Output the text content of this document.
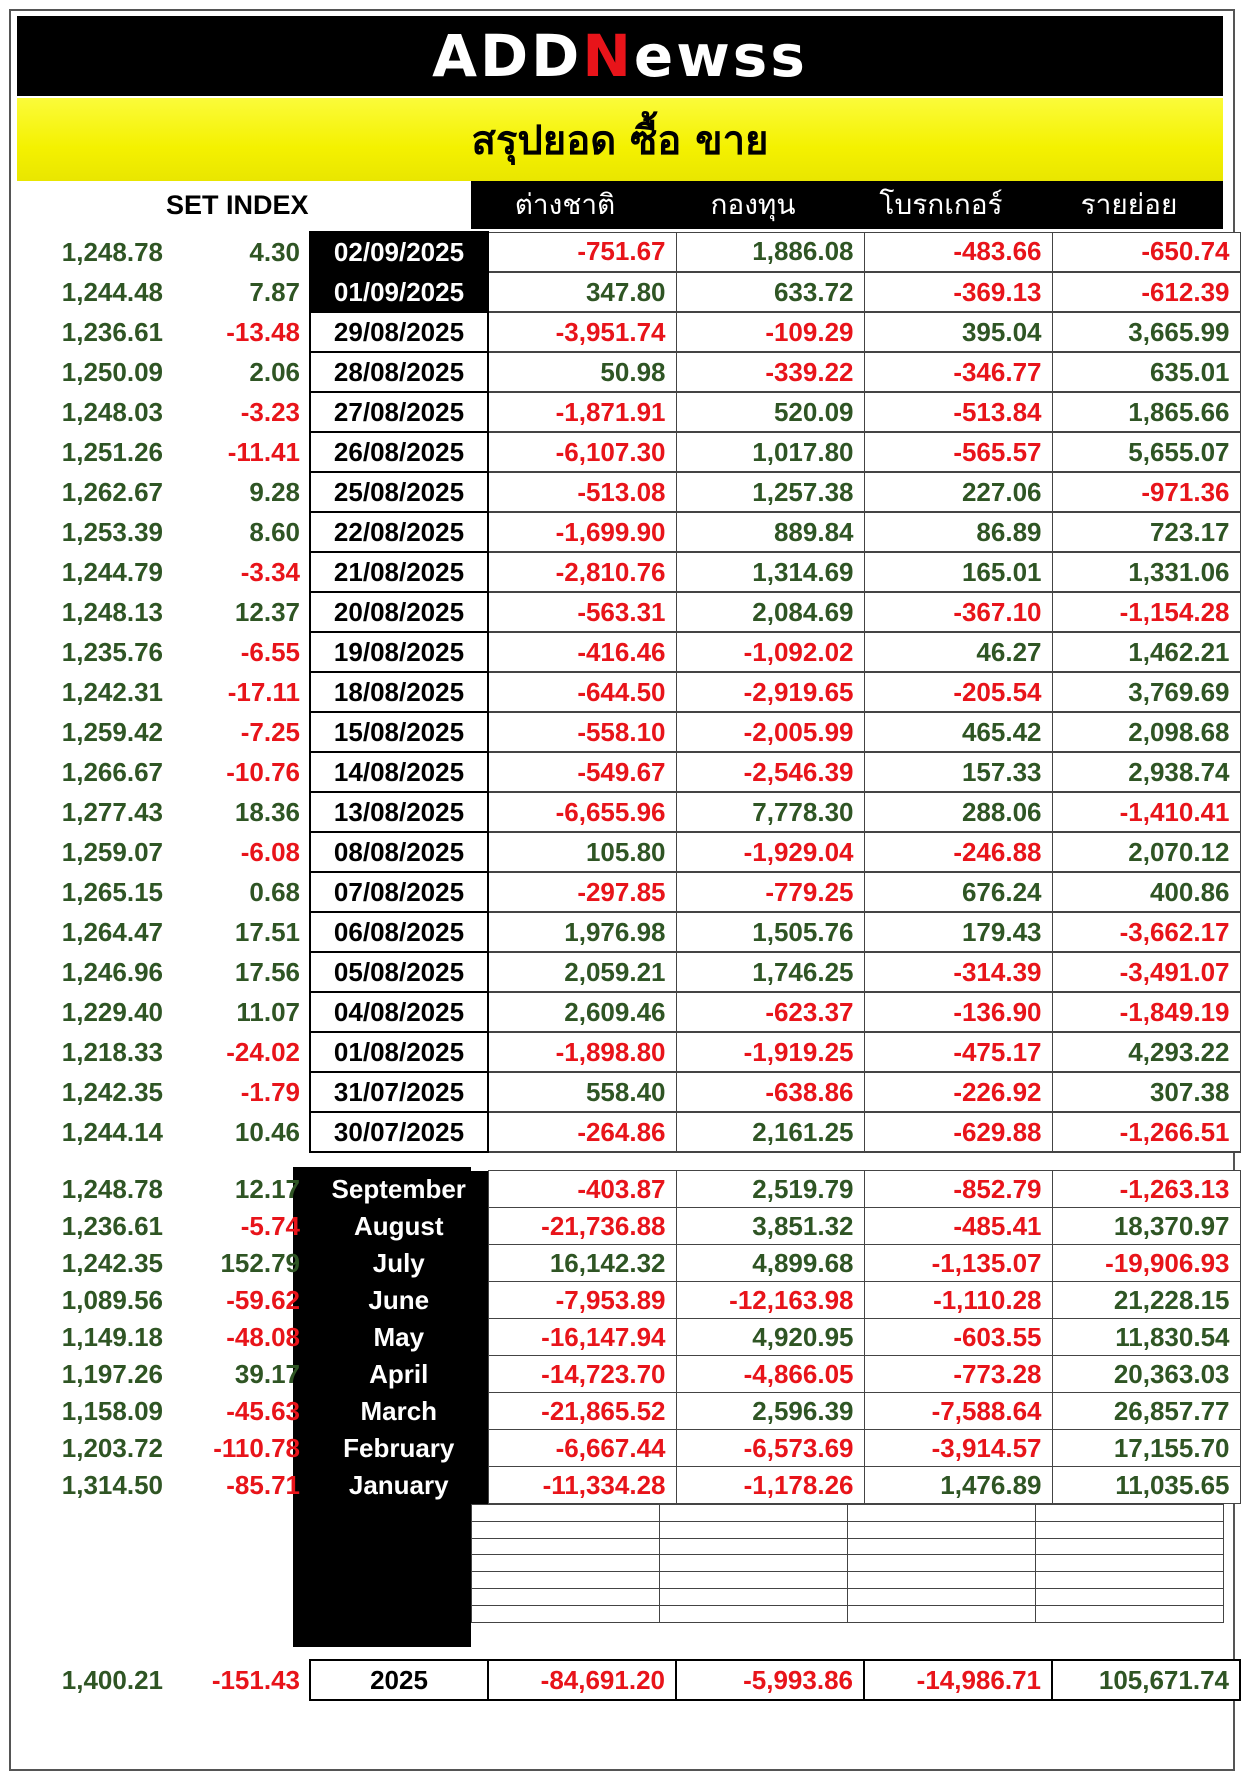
ADDNewss
สรุปยอด ซื้อ ขาย
SET INDEX	ต่างชาติ	กองทุน	โบรกเกอร์	รายย่อย
1,248.78	4.30		02/09/2025	-751.67	1,886.08	-483.66	-650.74
1,244.48	7.87		01/09/2025	347.80	633.72	-369.13	-612.39
1,236.61	-13.48		29/08/2025	-3,951.74	-109.29	395.04	3,665.99
1,250.09	2.06		28/08/2025	50.98	-339.22	-346.77	635.01
1,248.03	-3.23		27/08/2025	-1,871.91	520.09	-513.84	1,865.66
1,251.26	-11.41		26/08/2025	-6,107.30	1,017.80	-565.57	5,655.07
1,262.67	9.28		25/08/2025	-513.08	1,257.38	227.06	-971.36
1,253.39	8.60		22/08/2025	-1,699.90	889.84	86.89	723.17
1,244.79	-3.34		21/08/2025	-2,810.76	1,314.69	165.01	1,331.06
1,248.13	12.37		20/08/2025	-563.31	2,084.69	-367.10	-1,154.28
1,235.76	-6.55		19/08/2025	-416.46	-1,092.02	46.27	1,462.21
1,242.31	-17.11		18/08/2025	-644.50	-2,919.65	-205.54	3,769.69
1,259.42	-7.25		15/08/2025	-558.10	-2,005.99	465.42	2,098.68
1,266.67	-10.76		14/08/2025	-549.67	-2,546.39	157.33	2,938.74
1,277.43	18.36		13/08/2025	-6,655.96	7,778.30	288.06	-1,410.41
1,259.07	-6.08		08/08/2025	105.80	-1,929.04	-246.88	2,070.12
1,265.15	0.68		07/08/2025	-297.85	-779.25	676.24	400.86
1,264.47	17.51		06/08/2025	1,976.98	1,505.76	179.43	-3,662.17
1,246.96	17.56		05/08/2025	2,059.21	1,746.25	-314.39	-3,491.07
1,229.40	11.07		04/08/2025	2,609.46	-623.37	-136.90	-1,849.19
1,218.33	-24.02		01/08/2025	-1,898.80	-1,919.25	-475.17	4,293.22
1,242.35	-1.79		31/07/2025	558.40	-638.86	-226.92	307.38
1,244.14	10.46		30/07/2025	-264.86	2,161.25	-629.88	-1,266.51
1,248.78	12.17		September	-403.87	2,519.79	-852.79	-1,263.13
1,236.61	-5.74		August	-21,736.88	3,851.32	-485.41	18,370.97
1,242.35	152.79		July	16,142.32	4,899.68	-1,135.07	-19,906.93
1,089.56	-59.62		June	-7,953.89	-12,163.98	-1,110.28	21,228.15
1,149.18	-48.08		May	-16,147.94	4,920.95	-603.55	11,830.54
1,197.26	39.17		April	-14,723.70	-4,866.05	-773.28	20,363.03
1,158.09	-45.63		March	-21,865.52	2,596.39	-7,588.64	26,857.77
1,203.72	-110.78		February	-6,667.44	-6,573.69	-3,914.57	17,155.70
1,314.50	-85.71		January	-11,334.28	-1,178.26	1,476.89	11,035.65

1,400.21	-151.43		2025	-84,691.20	-5,993.86	-14,986.71	105,671.74
